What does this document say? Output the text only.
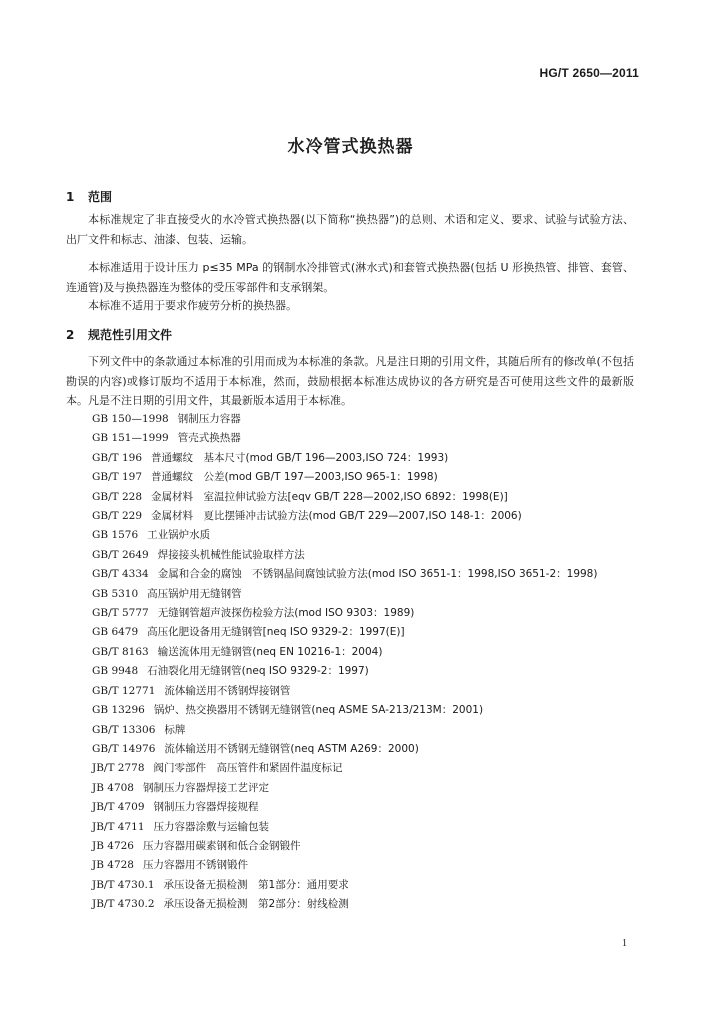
HG/T 2650—2011
水冷管式换热器
1 范围
本标准规定了非直接受火的水冷管式换热器(以下简称“换热器”)的总则、术语和定义、要求、试验与试验方法、出厂文件和标志、油漆、包装、运输。
本标准适用于设计压力 p≤35 MPa 的钢制水冷排管式(淋水式)和套管式换热器(包括 U 形换热管、排管、套管、连通管)及与换热器连为整体的受压零部件和支承钢架。
本标准不适用于要求作疲劳分析的换热器。
2 规范性引用文件
下列文件中的条款通过本标准的引用而成为本标准的条款。凡是注日期的引用文件，其随后所有的修改单(不包括勘误的内容)或修订版均不适用于本标准，然而，鼓励根据本标准达成协议的各方研究是否可使用这些文件的最新版本。凡是不注日期的引用文件，其最新版本适用于本标准。
GB 150—1998 钢制压力容器
GB 151—1999 管壳式换热器
GB/T 196 普通螺纹　基本尺寸(mod GB/T 196—2003,ISO 724：1993)
GB/T 197 普通螺纹　公差(mod GB/T 197—2003,ISO 965-1：1998)
GB/T 228 金属材料　室温拉伸试验方法[eqv GB/T 228—2002,ISO 6892：1998(E)]
GB/T 229 金属材料　夏比摆锤冲击试验方法(mod GB/T 229—2007,ISO 148-1：2006)
GB 1576 工业锅炉水质
GB/T 2649 焊接接头机械性能试验取样方法
GB/T 4334 金属和合金的腐蚀　不锈钢晶间腐蚀试验方法(mod ISO 3651-1：1998,ISO 3651-2：1998)
GB 5310 高压锅炉用无缝钢管
GB/T 5777 无缝钢管超声波探伤检验方法(mod ISO 9303：1989)
GB 6479 高压化肥设备用无缝钢管[neq ISO 9329-2：1997(E)]
GB/T 8163 输送流体用无缝钢管(neq EN 10216-1：2004)
GB 9948 石油裂化用无缝钢管(neq ISO 9329-2：1997)
GB/T 12771 流体输送用不锈钢焊接钢管
GB 13296 锅炉、热交换器用不锈钢无缝钢管(neq ASME SA-213/213M：2001)
GB/T 13306 标牌
GB/T 14976 流体输送用不锈钢无缝钢管(neq ASTM A269：2000)
JB/T 2778 阀门零部件　高压管件和紧固件温度标记
JB 4708 钢制压力容器焊接工艺评定
JB/T 4709 钢制压力容器焊接规程
JB/T 4711 压力容器涂敷与运输包装
JB 4726 压力容器用碳素钢和低合金钢锻件
JB 4728 压力容器用不锈钢锻件
JB/T 4730.1 承压设备无损检测　第1部分：通用要求
JB/T 4730.2 承压设备无损检测　第2部分：射线检测
1
